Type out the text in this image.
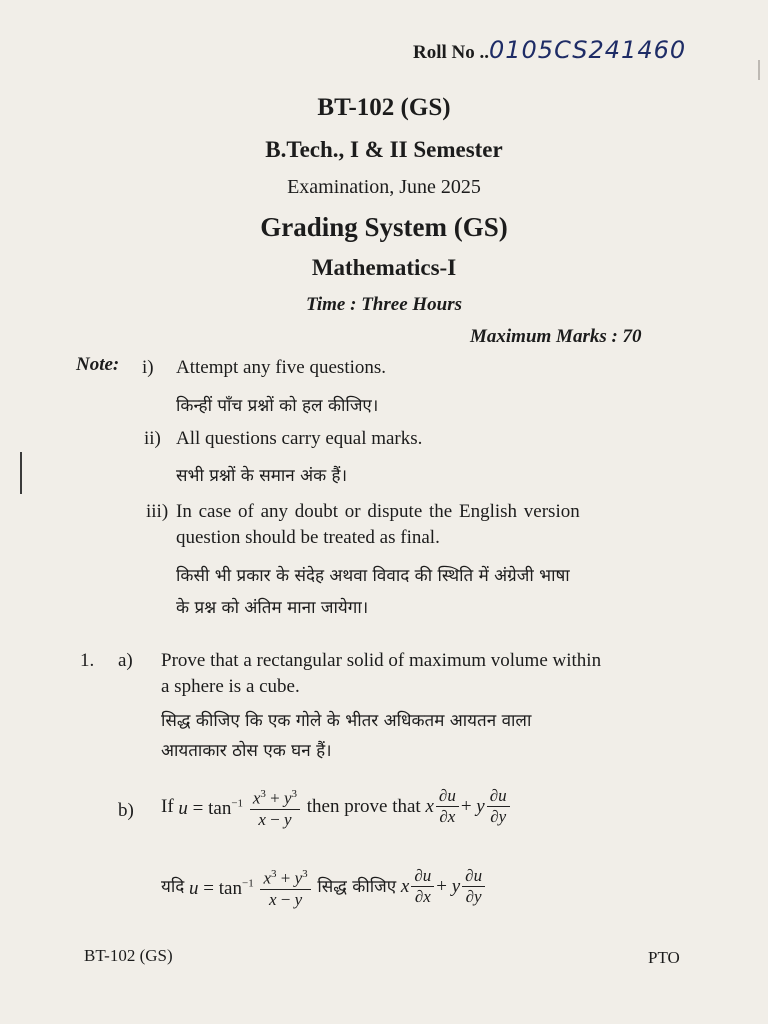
Roll No ..0105CS241460
BT-102 (GS)
B.Tech., I & II Semester
Examination, June 2025
Grading System (GS)
Mathematics-I
Time : Three Hours
Maximum Marks : 70
Note: i) Attempt any five questions.
किन्हीं पाँच प्रश्नों को हल कीजिए।
ii) All questions carry equal marks.
सभी प्रश्नों के समान अंक हैं।
iii) In case of any doubt or dispute the English version
question should be treated as final.
किसी भी प्रकार के संदेह अथवा विवाद की स्थिति में अंग्रेजी भाषा
के प्रश्न को अंतिम माना जायेगा।
1. a) Prove that a rectangular solid of maximum volume within
a sphere is a cube.
सिद्ध कीजिए कि एक गोले के भीतर अधिकतम आयतन वाला
आयताकार ठोस एक घन हैं।
b) If $u = \tan^{-1} \frac{x^3 + y^3}{x - y}$ then prove that x $\frac{\partial u}{\partial x} + y \frac{\partial u}{\partial y}$
यदि $u = \tan^{-1} \frac{x^3 + y^3}{x - y}$ सिद्ध कीजिए x $\frac{\partial u}{\partial x} + y \frac{\partial u}{\partial y}$
BT-102 (GS)	PTO
